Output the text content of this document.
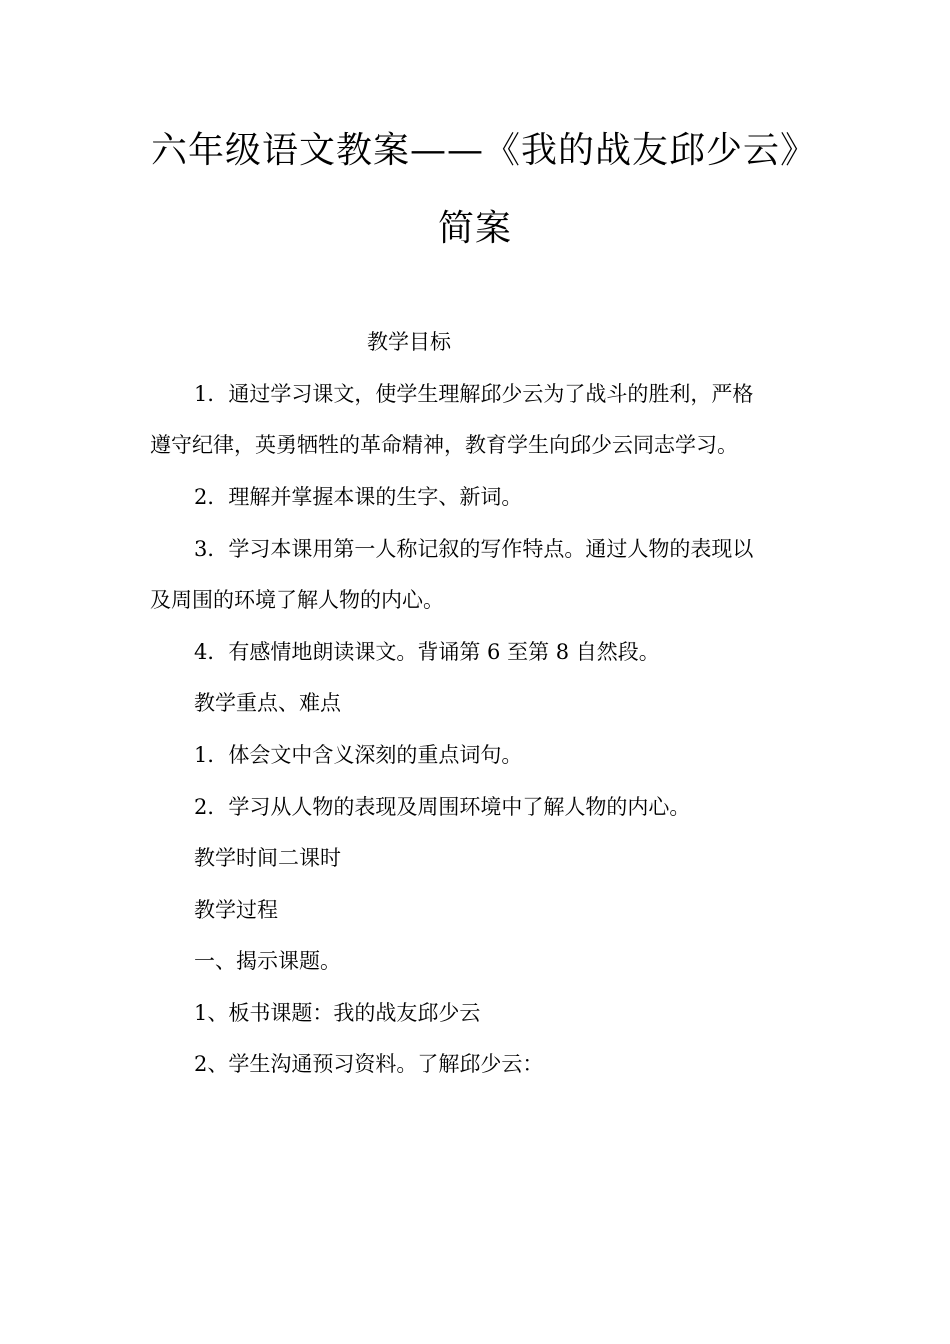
六年级语文教案——《我的战友邱少云》简案

教学目标

1．通过学习课文，使学生理解邱少云为了战斗的胜利，严格

遵守纪律，英勇牺牲的革命精神，教育学生向邱少云同志学习。

2．理解并掌握本课的生字、新词。

3．学习本课用第一人称记叙的写作特点。通过人物的表现以

及周围的环境了解人物的内心。

4．有感情地朗读课文。背诵第 6 至第 8 自然段。

教学重点、难点

1．体会文中含义深刻的重点词句。

2．学习从人物的表现及周围环境中了解人物的内心。

教学时间二课时

教学过程

一、揭示课题。

1、板书课题：我的战友邱少云

2、学生沟通预习资料。了解邱少云：
